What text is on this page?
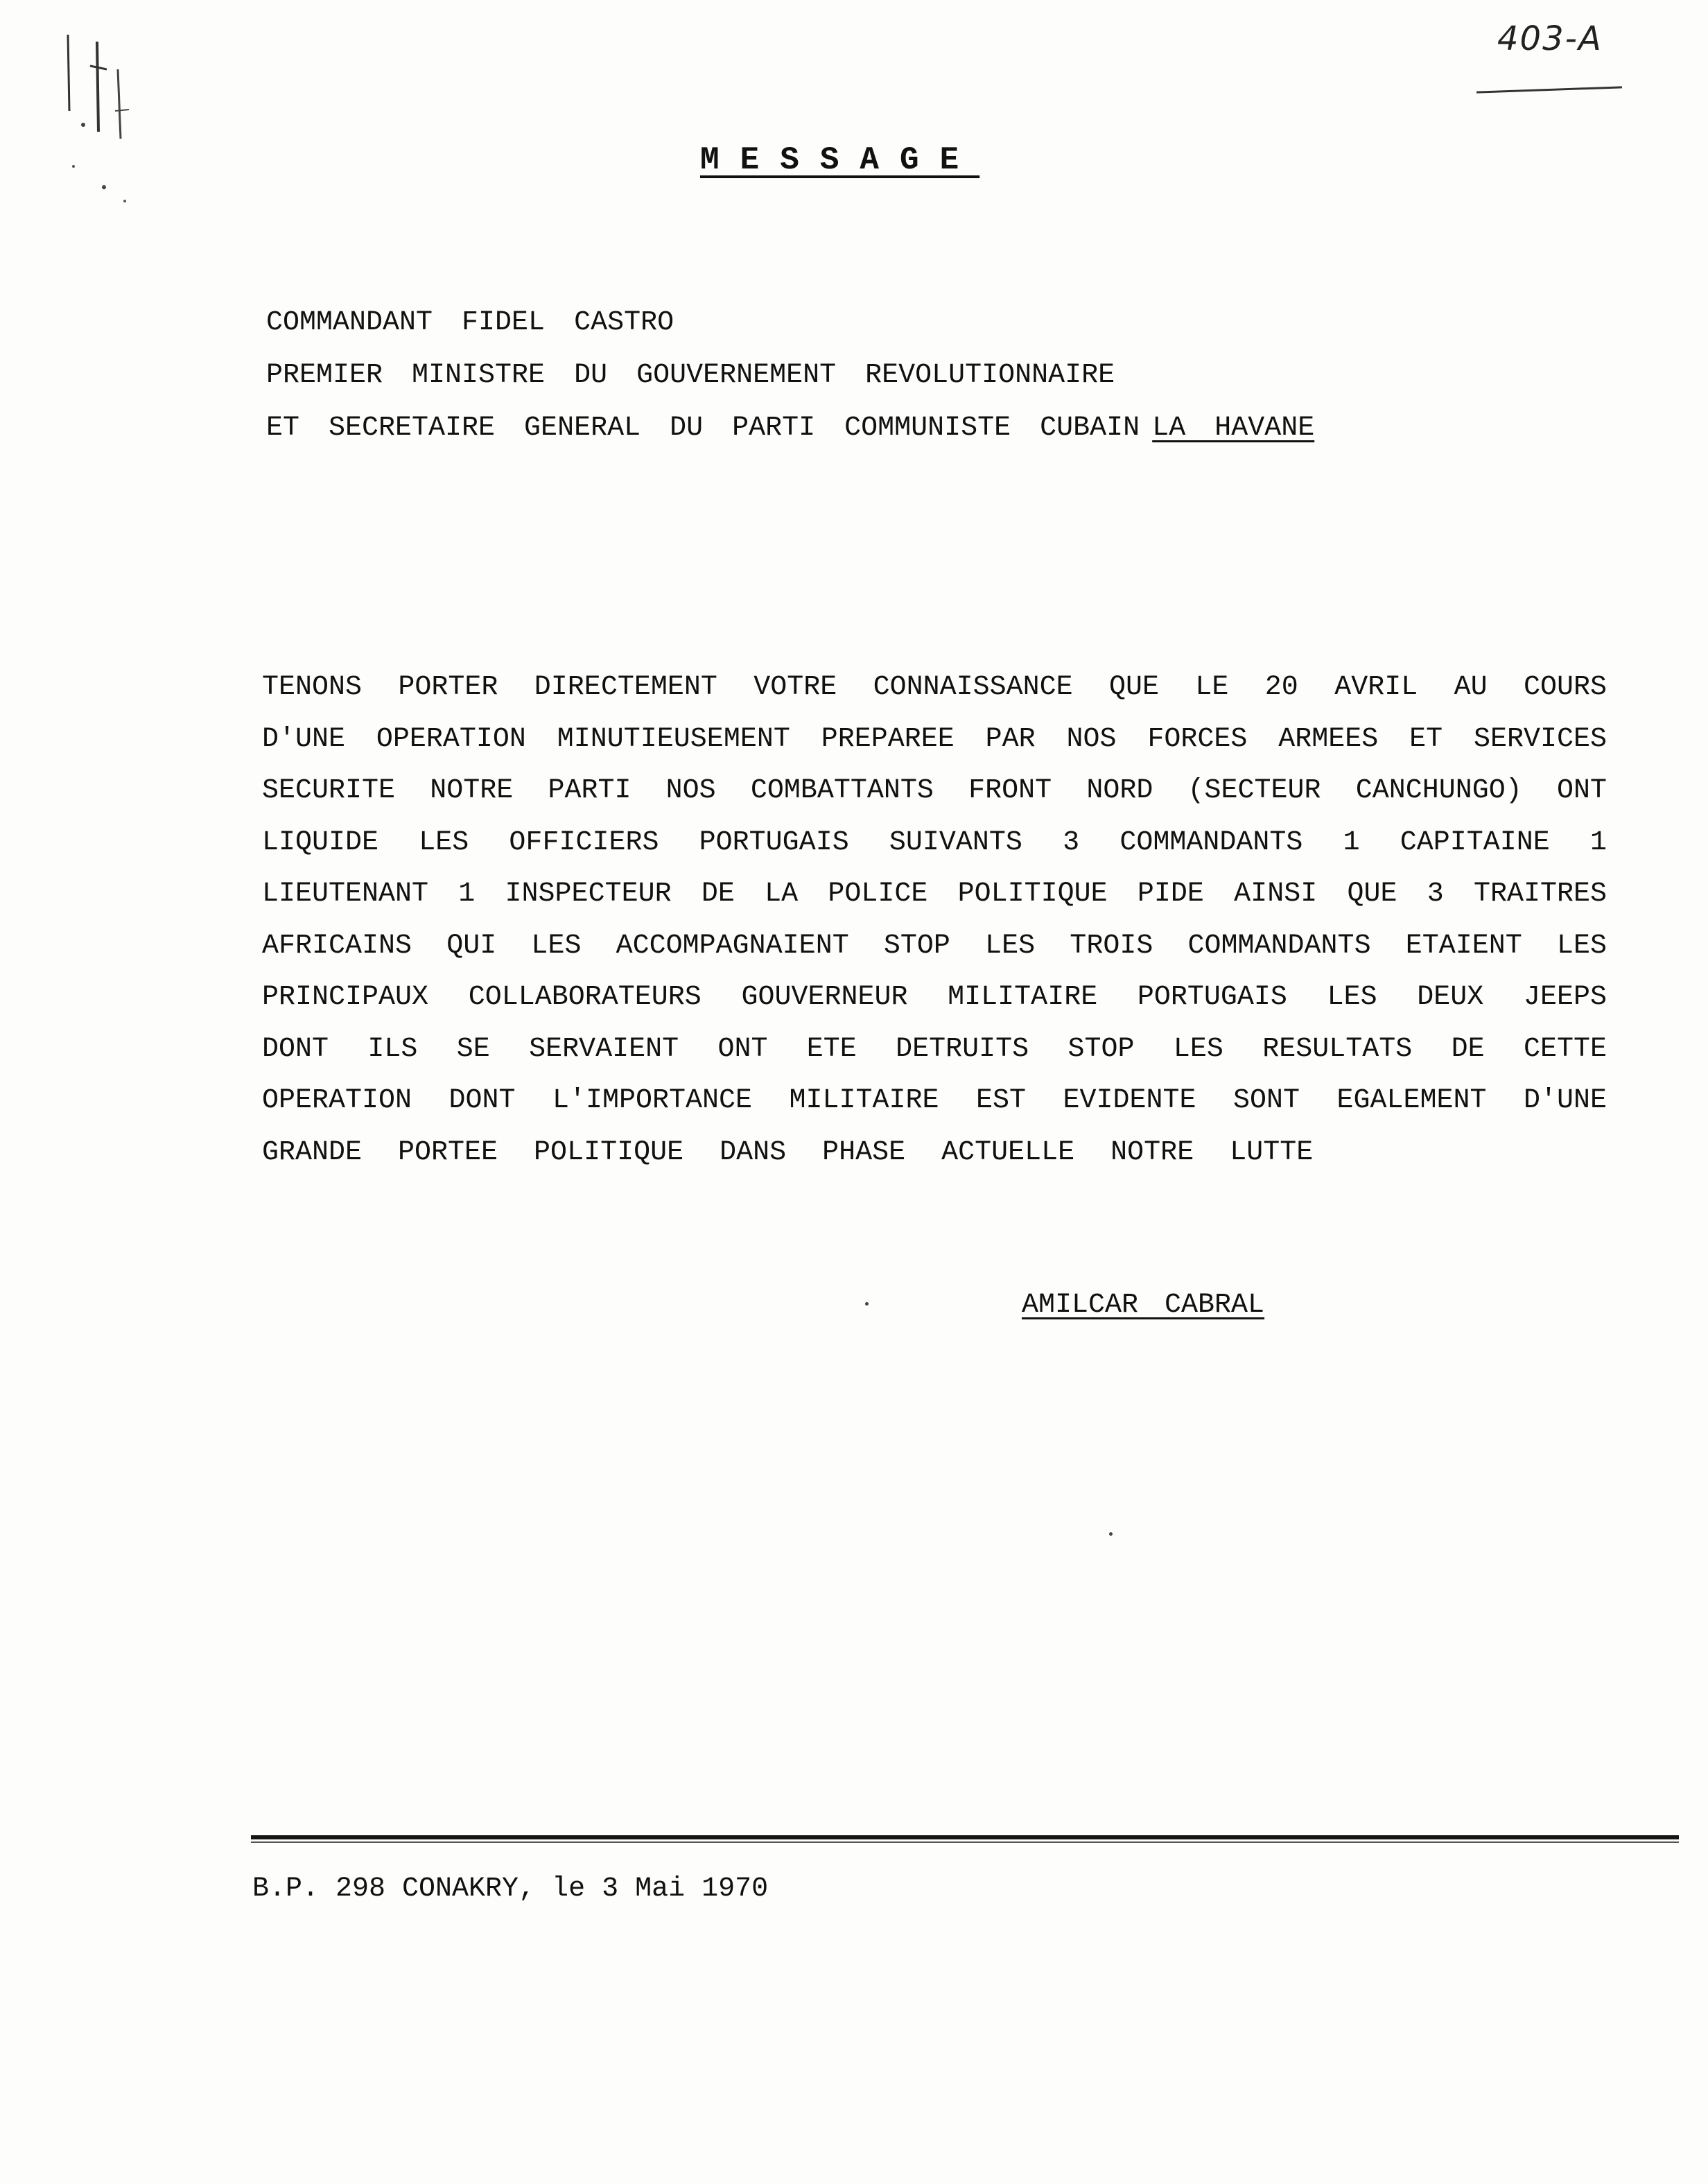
403-A
MESSAGE
COMMANDANT FIDEL CASTRO
PREMIER MINISTRE DU GOUVERNEMENT REVOLUTIONNAIRE
ET SECRETAIRE GENERAL DU PARTI COMMUNISTE CUBAIN LA HAVANE
TENONS PORTER DIRECTEMENT VOTRE CONNAISSANCE QUE LE 20 AVRIL AU COURS
D'UNE OPERATION MINUTIEUSEMENT PREPAREE PAR NOS FORCES ARMEES ET SERVICES
SECURITE NOTRE PARTI NOS COMBATTANTS FRONT NORD (SECTEUR CANCHUNGO) ONT
LIQUIDE LES OFFICIERS PORTUGAIS SUIVANTS 3 COMMANDANTS 1 CAPITAINE 1
LIEUTENANT 1 INSPECTEUR DE LA POLICE POLITIQUE PIDE AINSI QUE 3 TRAITRES
AFRICAINS QUI LES ACCOMPAGNAIENT STOP LES TROIS COMMANDANTS ETAIENT LES
PRINCIPAUX COLLABORATEURS GOUVERNEUR MILITAIRE PORTUGAIS LES DEUX JEEPS
DONT ILS SE SERVAIENT ONT ETE DETRUITS STOP LES RESULTATS DE CETTE
OPERATION DONT L'IMPORTANCE MILITAIRE EST EVIDENTE SONT EGALEMENT D'UNE
GRANDE PORTEE POLITIQUE DANS PHASE ACTUELLE NOTRE LUTTE
AMILCAR CABRAL
B.P. 298 CONAKRY, le 3 Mai 1970
